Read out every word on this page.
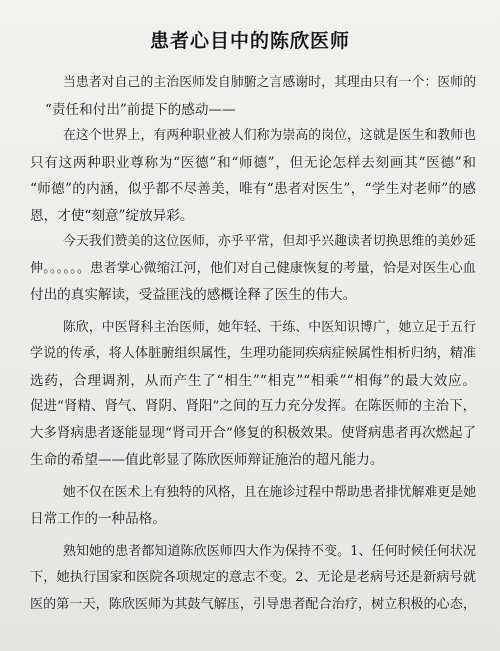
患者心目中的陈欣医师
当患者对自己的主治医师发自肺腑之言感谢时，其理由只有一个：医师的
“责任和付出”前提下的感动——
在这个世界上，有两种职业被人们称为崇高的岗位，这就是医生和教师也
只有这两种职业尊称为“医德”和“师德”，但无论怎样去刻画其“医德”和
“师德”的内涵，似乎都不尽善美，唯有“患者对医生”，“学生对老师”的感
恩，才使“刻意”绽放异彩。
今天我们赞美的这位医师，亦乎平常，但却乎兴趣读者切换思维的美妙延
伸。。。。。。患者掌心微缩江河，他们对自己健康恢复的考量，恰是对医生心血
付出的真实解读，受益匪浅的感概诠释了医生的伟大。
陈欣，中医肾科主治医师，她年轻、干练、中医知识博广，她立足于五行
学说的传承，将人体脏腑组织属性，生理功能同疾病症候属性相析归纳，精准
选药，合理调剂，从而产生了“相生”“相克”“相乘”“相侮”的最大效应。
促进“肾精、肾气、肾阴、肾阳”之间的互力充分发挥。在陈医师的主治下，
大多肾病患者逐能显现“肾司开合”修复的积极效果。使肾病患者再次燃起了
生命的希望——值此彰显了陈欣医师辩证施治的超凡能力。
她不仅在医术上有独特的风格，且在施诊过程中帮助患者排忧解难更是她
日常工作的一种品格。
熟知她的患者都知道陈欣医师四大作为保持不变。1、任何时候任何状况
下，她执行国家和医院各项规定的意志不变。2、无论是老病号还是新病号就
医的第一天，陈欣医师为其鼓气解压，引导患者配合治疗，树立积极的心态，
